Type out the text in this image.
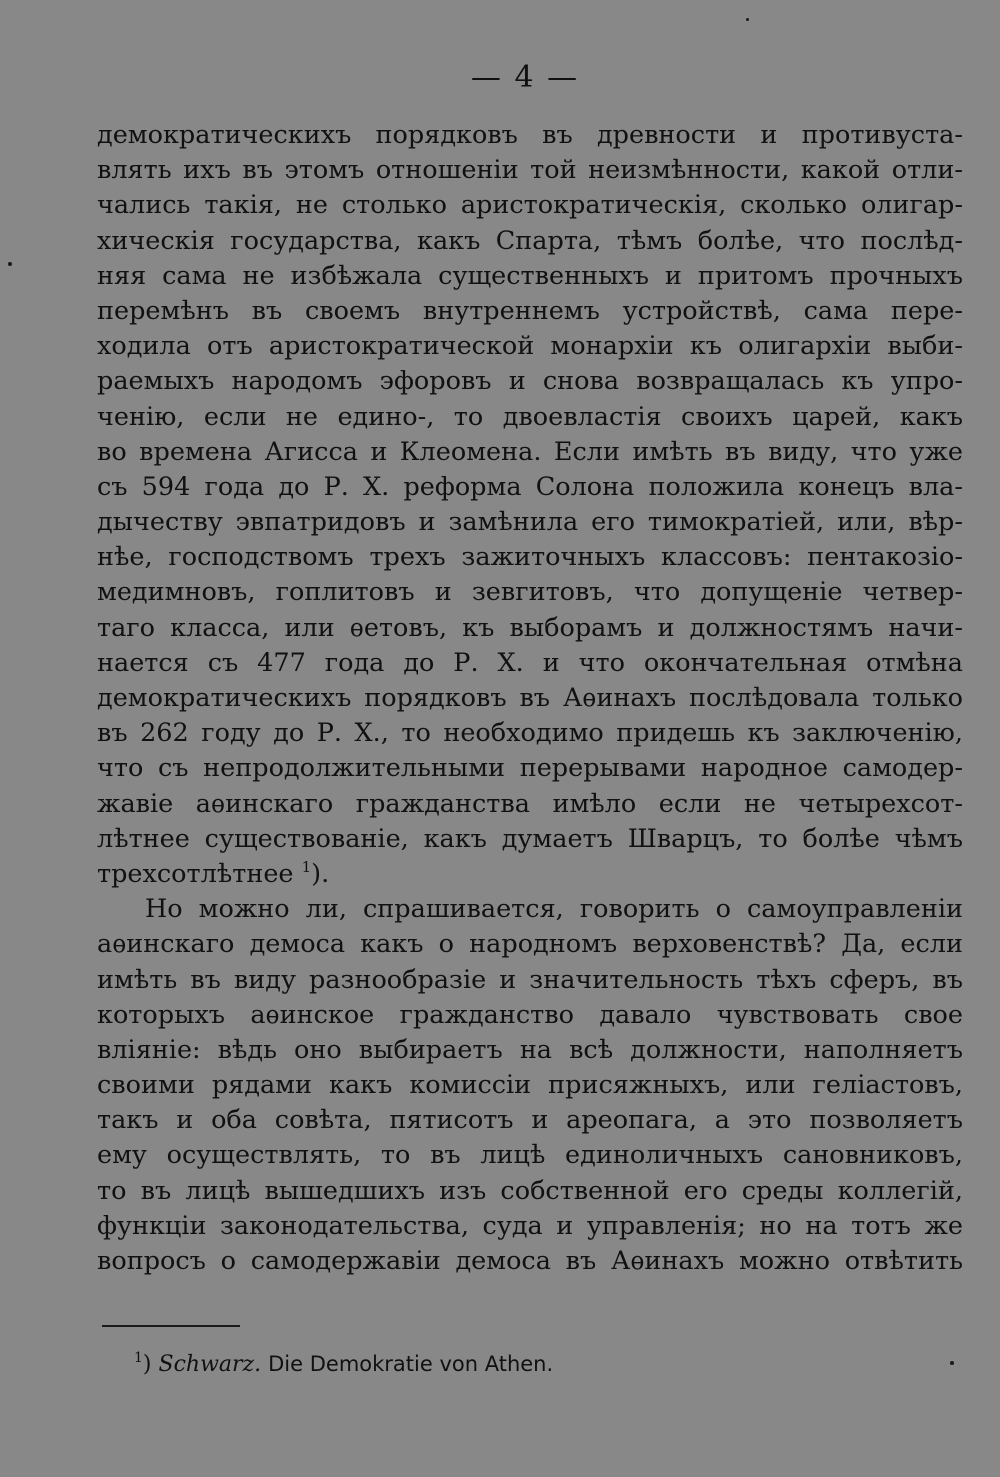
— 4 —
демократическихъ порядковъ въ древности и противуста-
влять ихъ въ этомъ отношенiи той неизмѣнности, какой отли-
чались такiя, не столько аристократическiя, сколько олигар-
хическiя государства, какъ Спарта, тѣмъ болѣе, что послѣд-
няя сама не избѣжала существенныхъ и притомъ прочныхъ
перемѣнъ въ своемъ внутреннемъ устройствѣ, сама пере-
ходила отъ аристократической монархiи къ олигархiи выби-
раемыхъ народомъ эфоровъ и снова возвращалась къ упро-
ченiю, если не едино-, то двоевластiя своихъ царей, какъ
во времена Агисса и Клеомена. Если имѣть въ виду, что уже
съ 594 года до Р. Х. реформа Солона положила конецъ вла-
дычеству эвпатридовъ и замѣнила его тимократiей, или, вѣр-
нѣе, господствомъ трехъ зажиточныхъ классовъ: пентакозiо-
медимновъ, гоплитовъ и зевгитовъ, что допущенiе четвер-
таго класса, или ѳетовъ, къ выборамъ и должностямъ начи-
нается съ 477 года до Р. Х. и что окончательная отмѣна
демократическихъ порядковъ въ Аѳинахъ послѣдовала только
въ 262 году до Р. Х., то необходимо придешь къ заключенiю,
что съ непродолжительными перерывами народное самодер-
жавiе аѳинскаго гражданства имѣло если не четырехсот-
лѣтнее существованiе, какъ думаетъ Шварцъ, то болѣе чѣмъ
трехсотлѣтнее $^1$).
Но можно ли, спрашивается, говорить о самоуправленiи
аѳинскаго демоса какъ о народномъ верховенствѣ? Да, если
имѣть въ виду разнообразiе и значительность тѣхъ сферъ, въ
которыхъ аѳинское гражданство давало чувствовать свое
влiянiе: вѣдь оно выбираетъ на всѣ должности, наполняетъ
своими рядами какъ комиссiи присяжныхъ, или гелiастовъ,
такъ и оба совѣта, пятисотъ и ареопага, а это позволяетъ
ему осуществлять, то въ лицѣ единоличныхъ сановниковъ,
то въ лицѣ вышедшихъ изъ собственной его среды коллегiй,
функцiи законодательства, суда и управленiя; но на тотъ же
вопросъ о самодержавiи демоса въ Аѳинахъ можно отвѣтить
$^1$) Schwarz. Die Demokratie von Athen.
